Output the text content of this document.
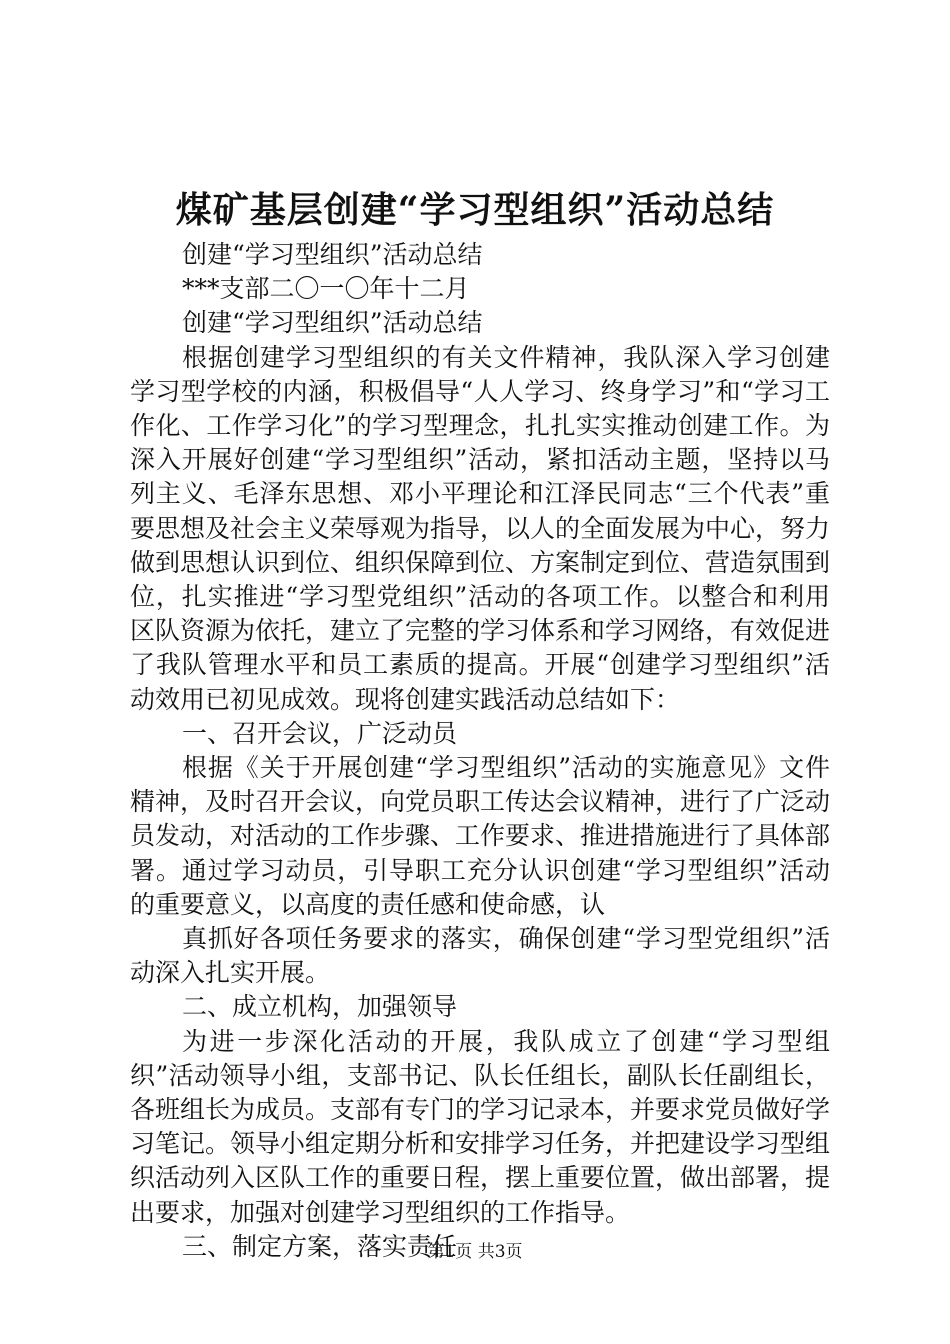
煤矿基层创建“学习型组织”活动总结

创建“学习型组织”活动总结

***支部二〇一〇年十二月

创建“学习型组织”活动总结

根据创建学习型组织的有关文件精神，我队深入学习创建学习型学校的内涵，积极倡导“人人学习、终身学习”和“学习工作化、工作学习化”的学习型理念，扎扎实实推动创建工作。为深入开展好创建“学习型组织”活动，紧扣活动主题，坚持以马列主义、毛泽东思想、邓小平理论和江泽民同志“三个代表”重要思想及社会主义荣辱观为指导，以人的全面发展为中心，努力做到思想认识到位、组织保障到位、方案制定到位、营造氛围到位，扎实推进“学习型党组织”活动的各项工作。以整合和利用区队资源为依托，建立了完整的学习体系和学习网络，有效促进了我队管理水平和员工素质的提高。开展“创建学习型组织”活动效用已初见成效。现将创建实践活动总结如下：

一、召开会议，广泛动员

根据《关于开展创建“学习型组织”活动的实施意见》文件精神，及时召开会议，向党员职工传达会议精神，进行了广泛动员发动，对活动的工作步骤、工作要求、推进措施进行了具体部署。通过学习动员，引导职工充分认识创建“学习型组织”活动的重要意义，以高度的责任感和使命感，认

真抓好各项任务要求的落实，确保创建“学习型党组织”活动深入扎实开展。

二、成立机构，加强领导

为进一步深化活动的开展，我队成立了创建“学习型组织”活动领导小组，支部书记、队长任组长，副队长任副组长，各班组长为成员。支部有专门的学习记录本，并要求党员做好学习笔记。领导小组定期分析和安排学习任务，并把建设学习型组织活动列入区队工作的重要日程，摆上重要位置，做出部署，提出要求，加强对创建学习型组织的工作指导。

三、制定方案，落实责任

第1页 共3页
